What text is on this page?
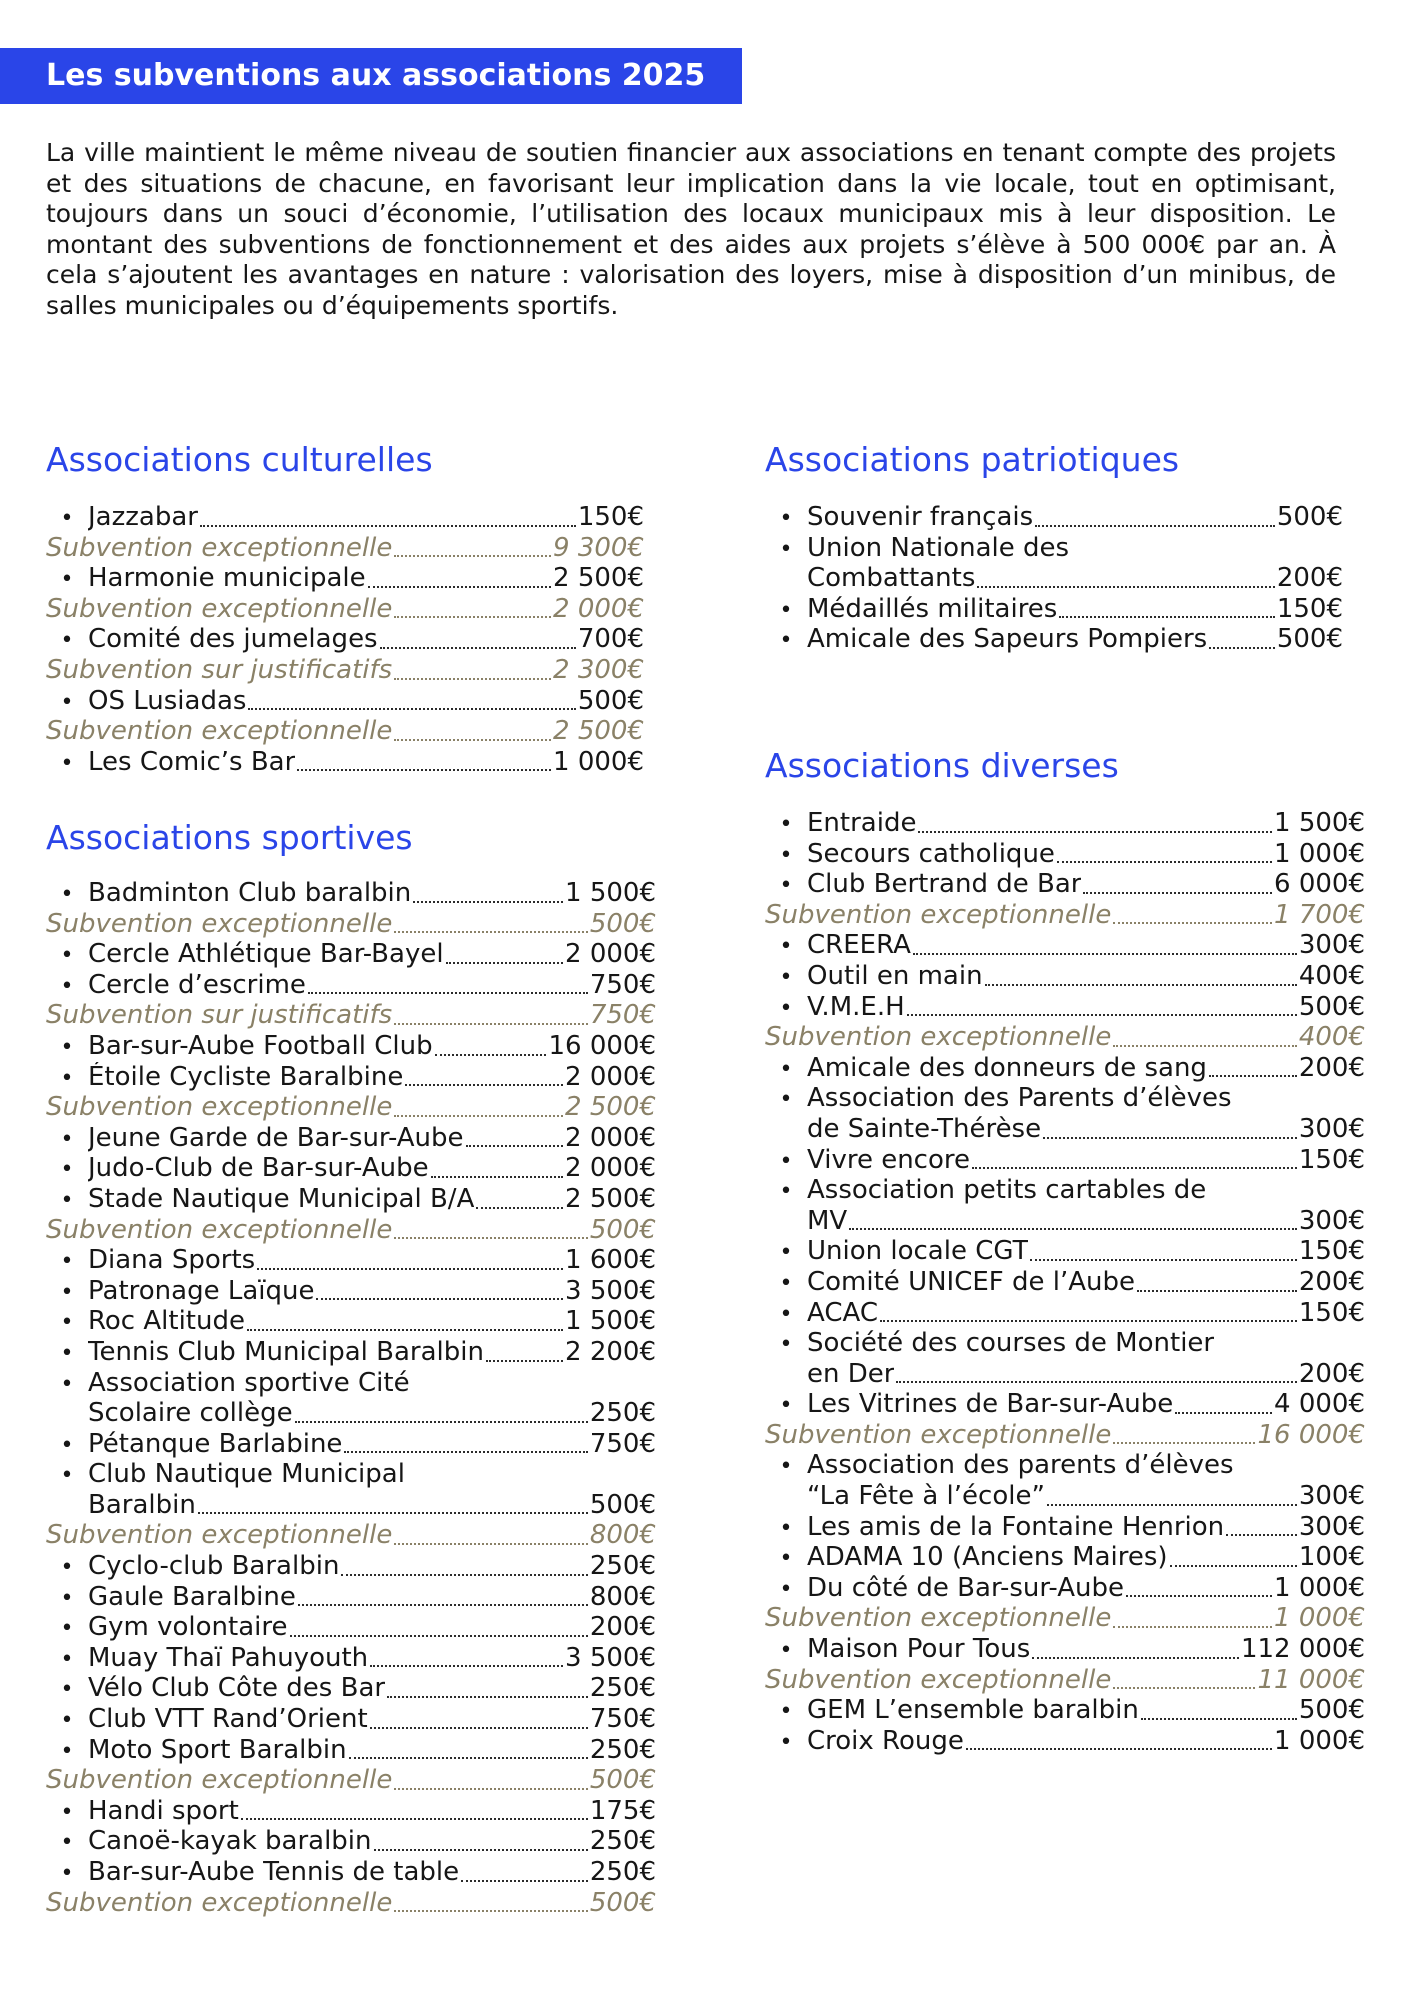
Les subventions aux associations 2025

La ville maintient le même niveau de soutien financier aux associations en tenant compte des projets et des situations de chacune, en favorisant leur implication dans la vie locale, tout en optimisant, toujours dans un souci d’économie, l’utilisation des locaux municipaux mis à leur disposition. Le montant des subventions de fonctionnement et des aides aux projets s’élève à 500 000€ par an. À cela s’ajoutent les avantages en nature : valorisation des loyers, mise à disposition d’un minibus, de salles municipales ou d’équipements sportifs.

Associations culturelles
• Jazzabar	150€
Subvention exceptionnelle	9 300€
• Harmonie municipale	2 500€
Subvention exceptionnelle	2 000€
• Comité des jumelages	700€
Subvention sur justificatifs	2 300€
• OS Lusiadas	500€
Subvention exceptionnelle	2 500€
• Les Comic’s Bar	1 000€
Associations sportives
• Badminton Club baralbin	1 500€
Subvention exceptionnelle	500€
• Cercle Athlétique Bar-Bayel	2 000€
• Cercle d’escrime	750€
Subvention sur justificatifs	750€
• Bar-sur-Aube Football Club	16 000€
• Étoile Cycliste Baralbine	2 000€
Subvention exceptionnelle	2 500€
• Jeune Garde de Bar-sur-Aube	2 000€
• Judo-Club de Bar-sur-Aube	2 000€
• Stade Nautique Municipal B/A	2 500€
Subvention exceptionnelle	500€
• Diana Sports	1 600€
• Patronage Laïque	3 500€
• Roc Altitude	1 500€
• Tennis Club Municipal Baralbin	2 200€
• Association sportive Cité
Scolaire collège	250€
• Pétanque Barlabine	750€
• Club Nautique Municipal
Baralbin	500€
Subvention exceptionnelle	800€
• Cyclo-club Baralbin	250€
• Gaule Baralbine	800€
• Gym volontaire	200€
• Muay Thaï Pahuyouth	3 500€
• Vélo Club Côte des Bar	250€
• Club VTT Rand’Orient	750€
• Moto Sport Baralbin	250€
Subvention exceptionnelle	500€
• Handi sport	175€
• Canoë-kayak baralbin	250€
• Bar-sur-Aube Tennis de table	250€
Subvention exceptionnelle	500€
Associations patriotiques
• Souvenir français	500€
• Union Nationale des
Combattants	200€
• Médaillés militaires	150€
• Amicale des Sapeurs Pompiers	500€
Associations diverses
• Entraide	1 500€
• Secours catholique	1 000€
• Club Bertrand de Bar	6 000€
Subvention exceptionnelle	1 700€
• CREERA	300€
• Outil en main	400€
• V.M.E.H	500€
Subvention exceptionnelle	400€
• Amicale des donneurs de sang	200€
• Association des Parents d’élèves
de Sainte-Thérèse	300€
• Vivre encore	150€
• Association petits cartables de
MV	300€
• Union locale CGT	150€
• Comité UNICEF de l’Aube	200€
• ACAC	150€
• Société des courses de Montier
en Der	200€
• Les Vitrines de Bar-sur-Aube	4 000€
Subvention exceptionnelle	16 000€
• Association des parents d’élèves
“La Fête à l’école”	300€
• Les amis de la Fontaine Henrion	300€
• ADAMA 10 (Anciens Maires)	100€
• Du côté de Bar-sur-Aube	1 000€
Subvention exceptionnelle	1 000€
• Maison Pour Tous	112 000€
Subvention exceptionnelle	11 000€
• GEM L’ensemble baralbin	500€
• Croix Rouge	1 000€
